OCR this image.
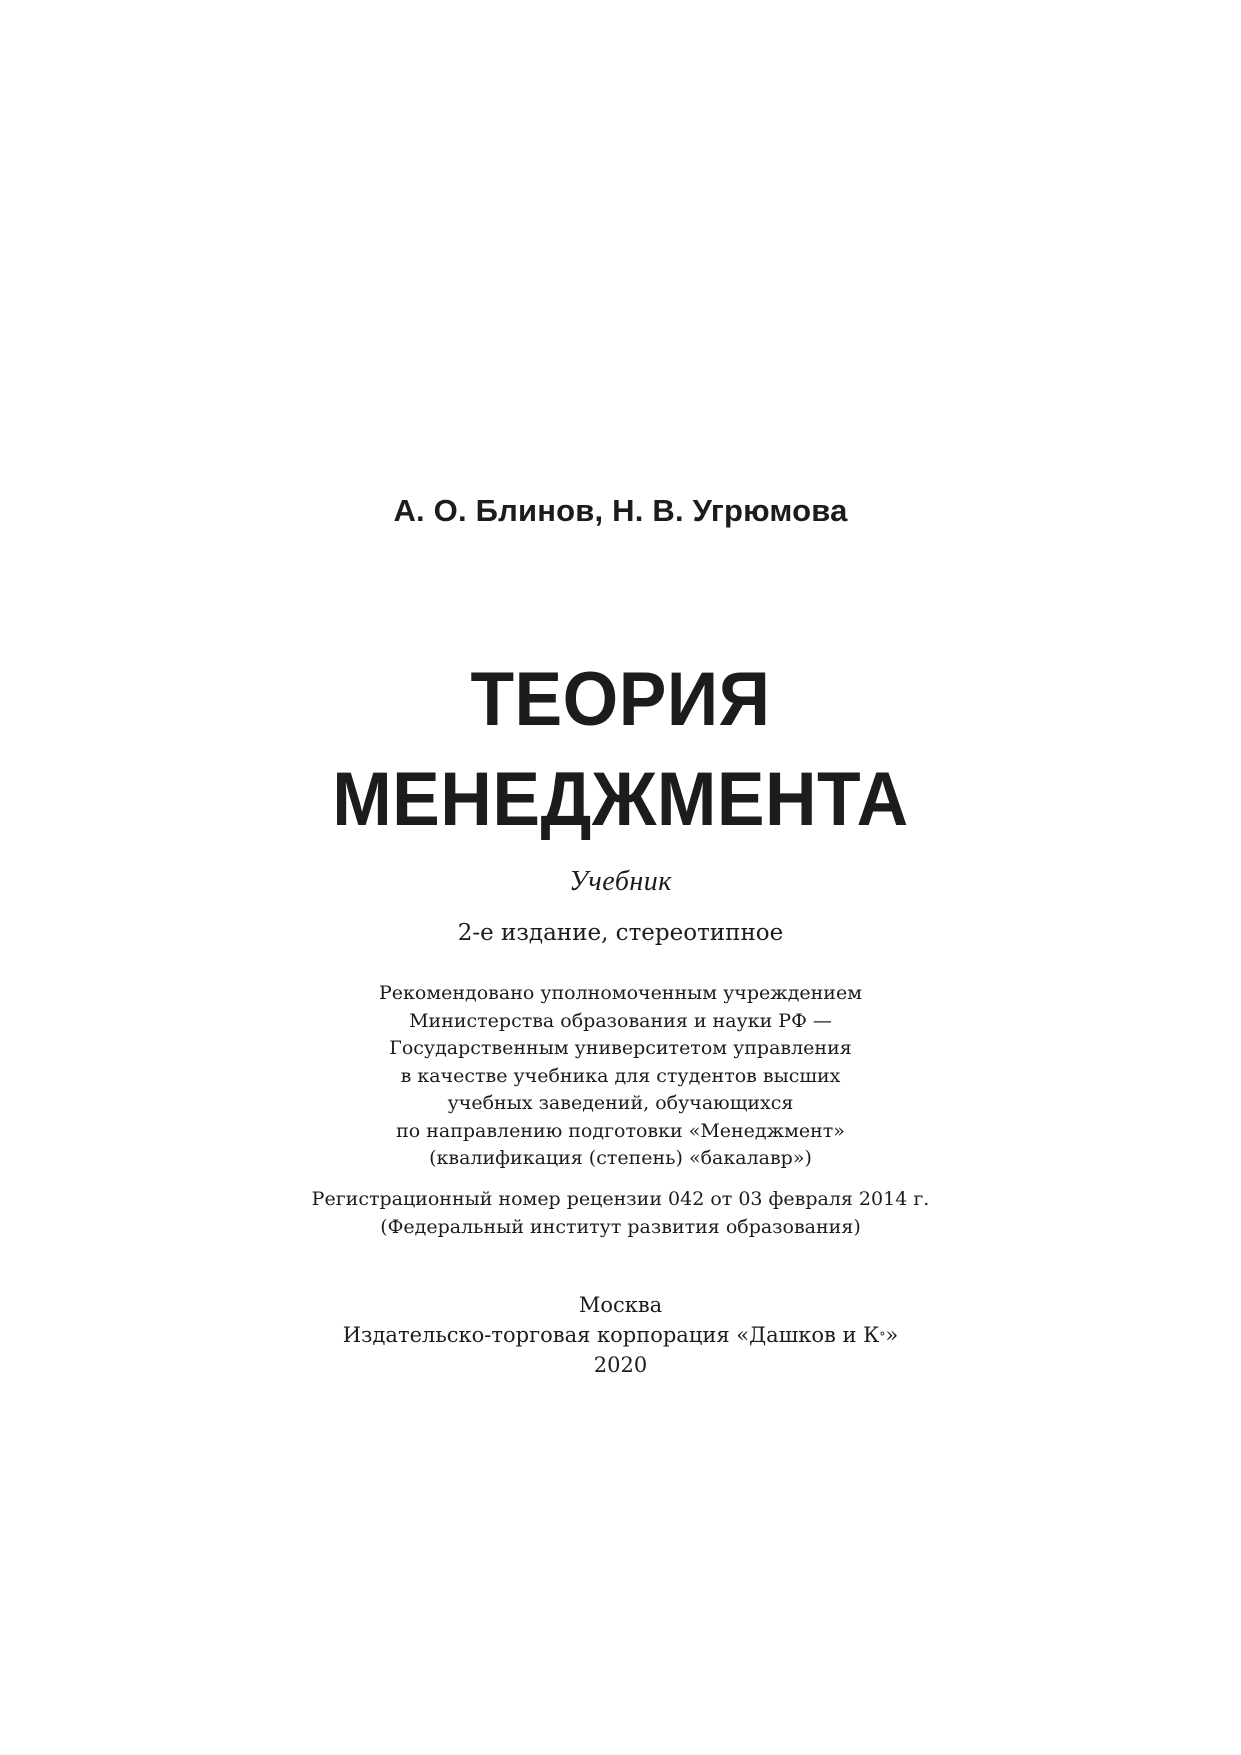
А. О. Блинов, Н. В. Угрюмова
ТЕОРИЯ
МЕНЕДЖМЕНТА
Учебник
2-е издание, стереотипное
Рекомендовано уполномоченным учреждением
Министерства образования и науки РФ —
Государственным университетом управления
в качестве учебника для студентов высших
учебных заведений, обучающихся
по направлению подготовки «Менеджмент»
(квалификация (степень) «бакалавр»)
Регистрационный номер рецензии 042 от 03 февраля 2014 г.
(Федеральный институт развития образования)
Москва
Издательско-торговая корпорация «Дашков и К°»
2020
